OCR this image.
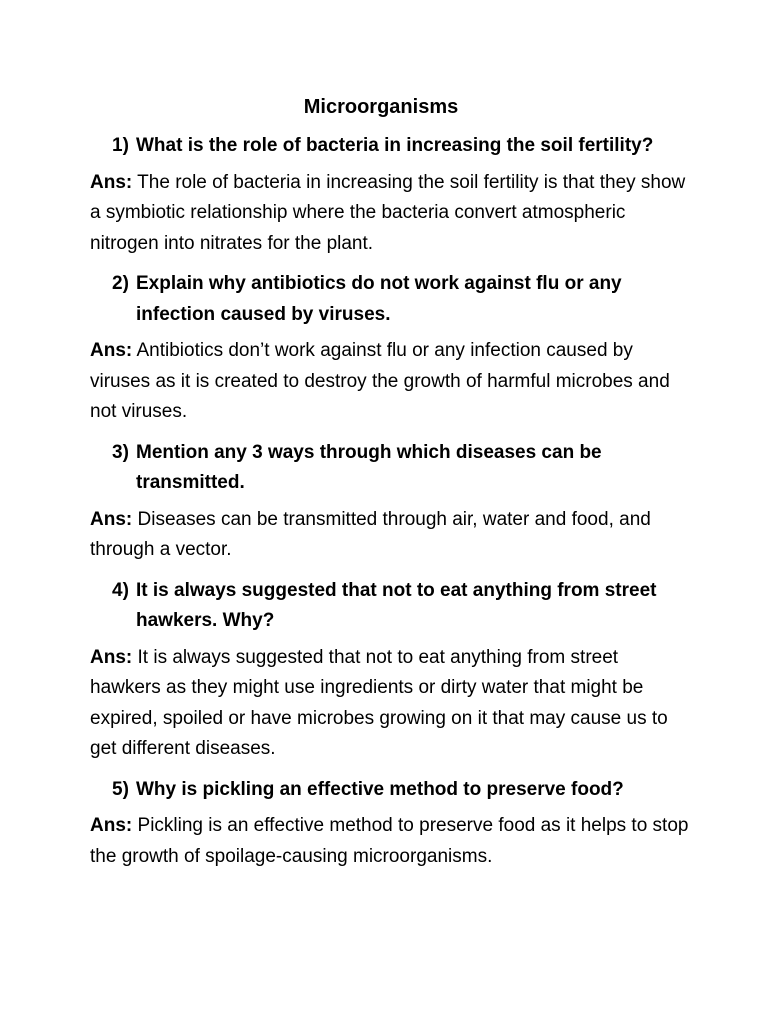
Microorganisms
1) What is the role of bacteria in increasing the soil fertility?

Ans: The role of bacteria in increasing the soil fertility is that they show a symbiotic relationship where the bacteria convert atmospheric nitrogen into nitrates for the plant.

2) Explain why antibiotics do not work against flu or any infection caused by viruses.

Ans: Antibiotics don’t work against flu or any infection caused by viruses as it is created to destroy the growth of harmful microbes and not viruses.

3) Mention any 3 ways through which diseases can be transmitted.

Ans: Diseases can be transmitted through air, water and food, and through a vector.

4) It is always suggested that not to eat anything from street hawkers. Why?

Ans: It is always suggested that not to eat anything from street hawkers as they might use ingredients or dirty water that might be expired, spoiled or have microbes growing on it that may cause us to get different diseases.

5) Why is pickling an effective method to preserve food?

Ans: Pickling is an effective method to preserve food as it helps to stop the growth of spoilage-causing microorganisms.
